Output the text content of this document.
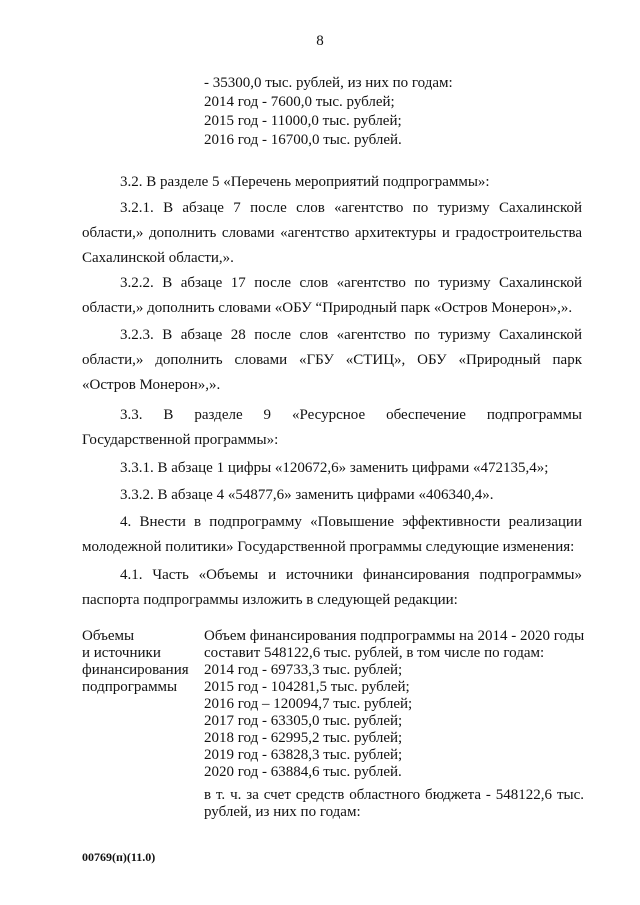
8
- 35300,0 тыс. рублей, из них по годам:
2014 год - 7600,0 тыс. рублей;
2015 год - 11000,0 тыс. рублей;
2016 год - 16700,0 тыс. рублей.
3.2. В разделе 5 «Перечень мероприятий подпрограммы»:
3.2.1. В абзаце 7 после слов «агентство по туризму Сахалинской области,» дополнить словами «агентство архитектуры и градостроительства Сахалинской области,».
3.2.2. В абзаце 17 после слов «агентство по туризму Сахалинской области,» дополнить словами «ОБУ “Природный парк «Остров Монерон»,».
3.2.3. В абзаце 28 после слов «агентство по туризму Сахалинской области,» дополнить словами «ГБУ «СТИЦ», ОБУ «Природный парк «Остров Монерон»,».
3.3. В разделе 9 «Ресурсное обеспечение подпрограммы Государственной программы»:
3.3.1. В абзаце 1 цифры «120672,6» заменить цифрами «472135,4»;
3.3.2. В абзаце 4 «54877,6» заменить цифрами «406340,4».
4. Внести в подпрограмму «Повышение эффективности реализации молодежной политики» Государственной программы следующие изменения:
4.1. Часть «Объемы и источники финансирования подпрограммы» паспорта подпрограммы изложить в следующей редакции:
Объемы
и источники
финансирования
подпрограммы
Объем финансирования подпрограммы на 2014 - 2020 годы
составит 548122,6 тыс. рублей, в том числе по годам:
2014 год - 69733,3 тыс. рублей;
2015 год - 104281,5 тыс. рублей;
2016 год – 120094,7 тыс. рублей;
2017 год - 63305,0 тыс. рублей;
2018 год - 62995,2 тыс. рублей;
2019 год - 63828,3 тыс. рублей;
2020 год - 63884,6 тыс. рублей.
в т. ч. за счет средств областного бюджета - 548122,6 тыс. рублей, из них по годам:
00769(п)(11.0)
